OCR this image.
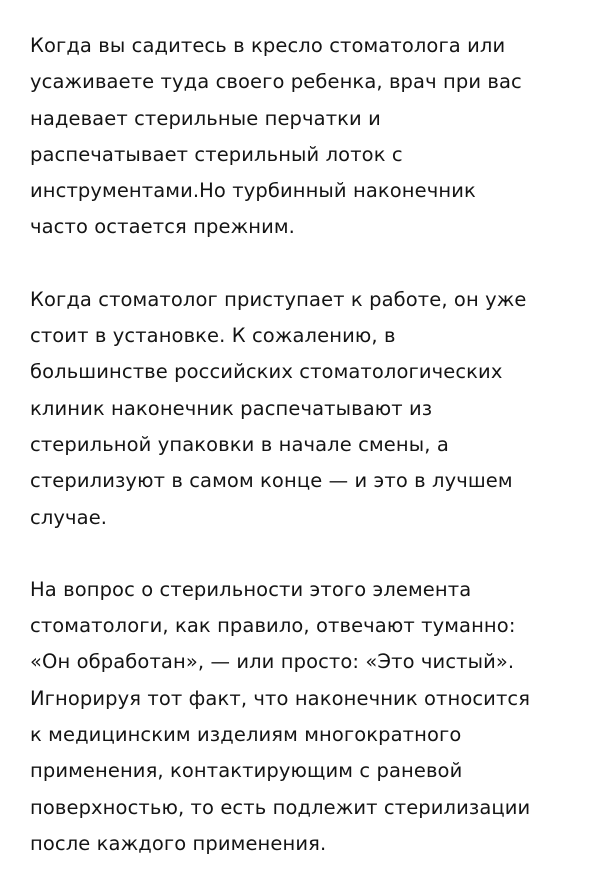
Когда вы садитесь в кресло стоматолога или
усаживаете туда своего ребенка, врач при вас
надевает стерильные перчатки и
распечатывает стерильный лоток с
инструментами.Но турбинный наконечник
часто остается прежним.

Когда стоматолог приступает к работе, он уже
стоит в установке. К сожалению, в
большинстве российских стоматологических
клиник наконечник распечатывают из
стерильной упаковки в начале смены, а
стерилизуют в самом конце — и это в лучшем
случае.

На вопрос о стерильности этого элемента
стоматологи, как правило, отвечают туманно:
«Он обработан», — или просто: «Это чистый».
Игнорируя тот факт, что наконечник относится
к медицинским изделиям многократного
применения, контактирующим с раневой
поверхностью, то есть подлежит стерилизации
после каждого применения.
